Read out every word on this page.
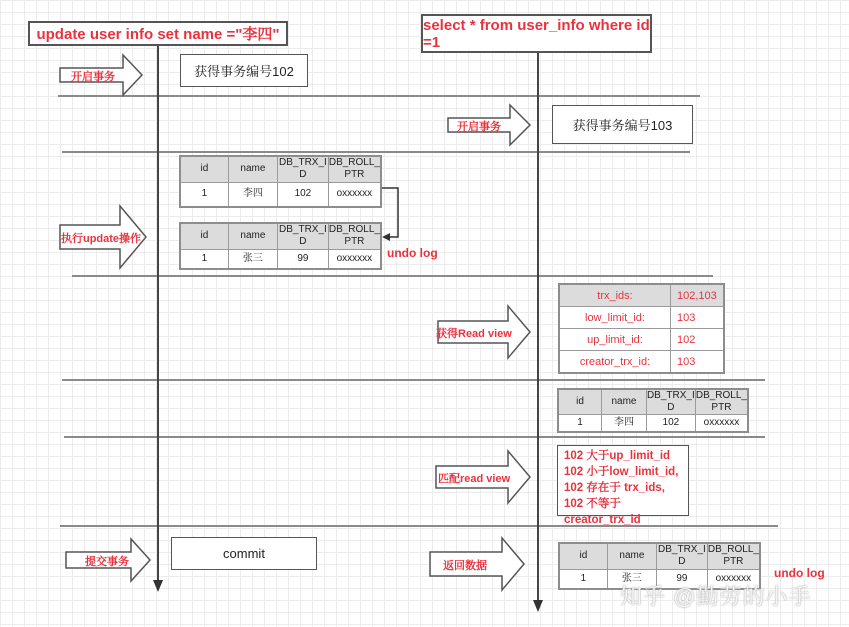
update user info set name ="李四"
select * from user_info where id =1
开启事务	获得事务编号102
开启事务	获得事务编号103
执行update操作
id	name	DB_TRX_I D	DB_ROLL_ PTR
1	李四	102	oxxxxxx
id	name	DB_TRX_I D	DB_ROLL_ PTR
1	张三	99	oxxxxxx undo log
获得Read view
trx_ids:	102,103
low_limit_id:	103
up_limit_id:	102
creator_trx_id:	103
id	name	DB_TRX_I D	DB_ROLL_ PTR
1	李四	102	oxxxxxx
匹配read view
102 大于up_limit_id
102 小于low_limit_id,
102 存在于 trx_ids,
102 不等于creator_trx_id
提交事务
commit
返回数据
id	name	DB_TRX_I D	DB_ROLL_ PTR
1	张三	99	oxxxxxx undo log
知乎 @勤劳的小手
